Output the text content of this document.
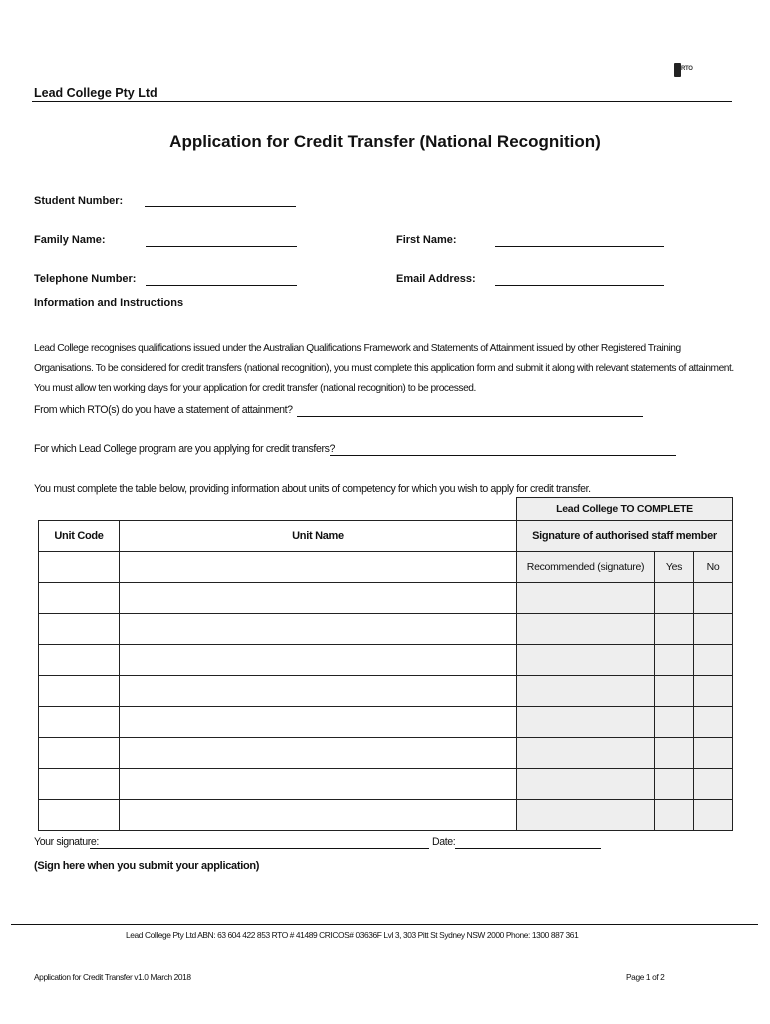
Lead College Pty Ltd
RTO
Application for Credit Transfer (National Recognition)
Student Number:
Family Name:	First Name:
Telephone Number:	Email Address:
Information and Instructions
Lead College recognises qualifications issued under the Australian Qualifications Framework and Statements of Attainment issued by other Registered Training Organisations. To be considered for credit transfers (national recognition), you must complete this application form and submit it along with relevant statements of attainment. You must allow ten working days for your application for credit transfer (national recognition) to be processed.
From which RTO(s) do you have a statement of attainment?
For which Lead College program are you applying for credit transfers?
You must complete the table below, providing information about units of competency for which you wish to apply for credit transfer.
Lead College TO COMPLETE
Unit Code	Unit Name	Signature of authorised staff member		
		Recommended (signature)	Yes	No

Your signature:	Date:
(Sign here when you submit your application)
Lead College Pty Ltd ABN: 63 604 422 853 RTO # 41489 CRICOS# 03636F Lvl 3, 303 Pitt St Sydney NSW 2000 Phone: 1300 887 361
Application for Credit Transfer v1.0 March 2018	Page 1 of 2
